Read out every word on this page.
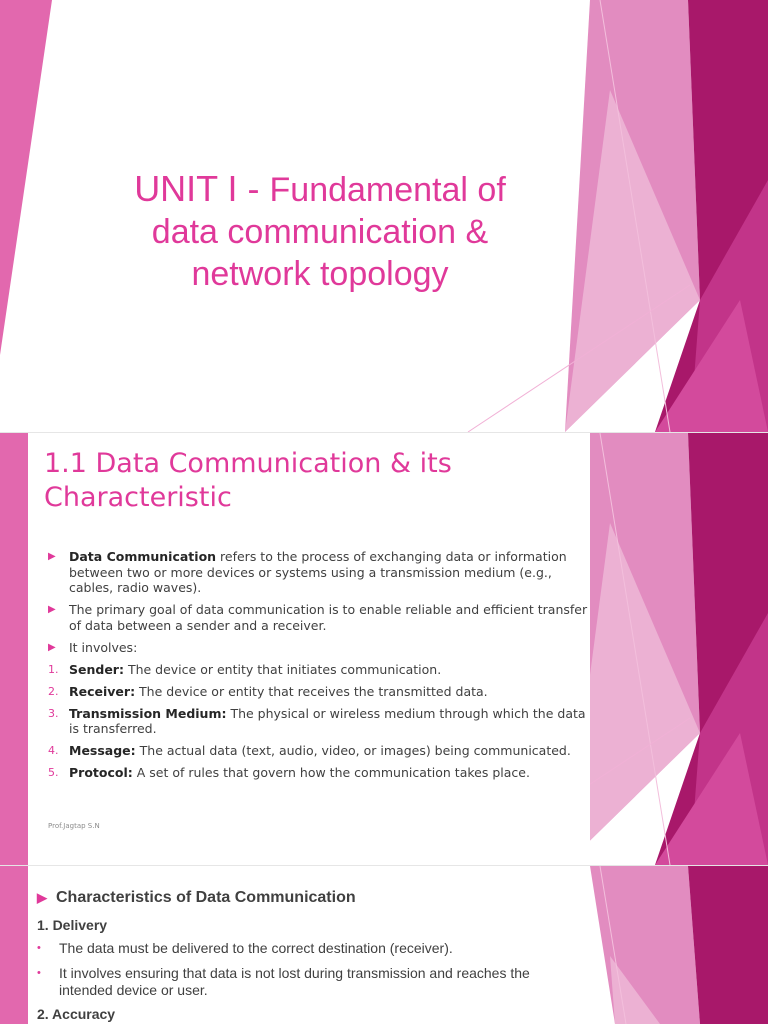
UNIT I - Fundamental of data communication & network topology
1.1 Data Communication & its Characteristic
▶ Data Communication refers to the process of exchanging data or information between two or more devices or systems using a transmission medium (e.g., cables, radio waves).
▶ The primary goal of data communication is to enable reliable and efficient transfer of data between a sender and a receiver.
▶ It involves:
1. Sender: The device or entity that initiates communication.
2. Receiver: The device or entity that receives the transmitted data.
3. Transmission Medium: The physical or wireless medium through which the data is transferred.
4. Message: The actual data (text, audio, video, or images) being communicated.
5. Protocol: A set of rules that govern how the communication takes place.
Prof.Jagtap S.N
▶ Characteristics of Data Communication
1. Delivery
• The data must be delivered to the correct destination (receiver).
• It involves ensuring that data is not lost during transmission and reaches the intended device or user.
2. Accuracy
